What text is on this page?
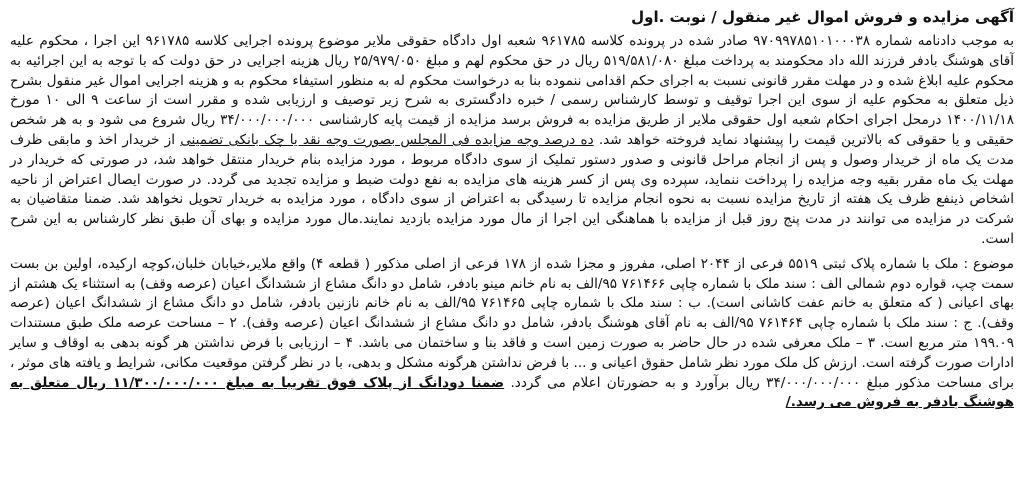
آگهی مزایده و فروش اموال غیر منقول / نوبت .اول

به موجب دادنامه شماره ۹۷۰۹۹۷۸۵۱۰۱۰۰۰۳۸ صادر شده در پرونده کلاسه ۹۶۱۷۸۵ شعبه اول دادگاه حقوقی ملایر موضوع پرونده اجرایی کلاسه ۹۶۱۷۸۵ این اجرا ، محکوم علیه آقای هوشنگ بادفر فرزند الله داد محکومند به پرداخت مبلغ ۵۱۹/۵۸۱/۰۸۰ ریال در حق محکوم لهم و مبلغ ۲۵/۹۷۹/۰۵۰ ریال هزینه اجرایی در حق دولت که با توجه به این اجرائیه به محکوم علیه ابلاغ شده و در مهلت مقرر قانونی نسبت به اجرای حکم اقدامی ننموده بنا به درخواست محکوم له به منظور استیفاء محکوم به و هزینه اجرایی اموال غیر منقول بشرح ذیل متعلق به محکوم علیه از سوی این اجرا توقیف و توسط کارشناس رسمی / خبره دادگستری به شرح زیر توصیف و ارزیابی شده و مقرر است از ساعت ۹ الی ۱۰ مورخ ۱۴۰۰/۱۱/۱۸ درمحل اجرای احکام شعبه اول حقوقی ملایر از طریق مزایده به فروش برسد مزایده از قیمت پایه کارشناسی ۳۴/۰۰۰/۰۰۰/۰۰۰ ریال شروع می شود و به هر شخص حقیقی و یا حقوقی که بالاترین قیمت را پیشنهاد نماید فروخته خواهد شد. ده درصد وجه مزایده فی المجلس بصورت وجه نقد یا چک بانکی تضمینی از خریدار اخذ و مابقی ظرف مدت یک ماه از خریدار وصول و پس از انجام مراحل قانونی و صدور دستور تملیک از سوی دادگاه مربوط ، مورد مزایده بنام خریدار منتقل خواهد شد، در صورتی که خریدار در مهلت یک ماه مقرر بقیه وجه مزایده را پرداخت ننماید، سپرده وی پس از کسر هزینه های مزایده به نفع دولت ضبط و مزایده تجدید می گردد. در صورت ایصال اعتراض از ناحیه اشخاص ذینفع ظرف یک هفته از تاریخ مزایده نسبت به نحوه انجام مزایده تا رسیدگی به اعتراض از سوی دادگاه ، مورد مزایده به خریدار تحویل نخواهد شد. ضمنا متقاضیان به شرکت در مزایده می توانند در مدت پنج روز قبل از مزایده با هماهنگی این اجرا از مال مورد مزایده بازدید نمایند.مال مورد مزایده و بهای آن طبق نظر کارشناس به این شرح است.

موضوع : ملک با شماره پلاک ثبتی ۵۵۱۹ فرعی از ۲۰۴۴ اصلی، مفروز و مجزا شده از ۱۷۸ فرعی از اصلی مذکور ( قطعه ۴) واقع ملایر،خیابان خلبان،کوچه ارکیده، اولین بن بست سمت چپ، قواره دوم شمالی الف : سند ملک با شماره چاپی ۷۶۱۴۶۶ ۹۵/الف به نام خانم مینو بادفر، شامل دو دانگ مشاع از ششدانگ اعیان (عرصه وقف) به استثناء یک هشتم از بهای اعیانی ( که متعلق به خانم عفت کاشانی است). ب : سند ملک با شماره چاپی ۷۶۱۴۶۵ ۹۵/الف به نام خانم نازنین بادفر، شامل دو دانگ مشاع از ششدانگ اعیان (عرصه وقف). ج : سند ملک با شماره چاپی ۷۶۱۴۶۴ ۹۵/الف به نام آقای هوشنگ بادفر، شامل دو دانگ مشاع از ششدانگ اعیان (عرصه وقف). ۲ – مساحت عرصه ملک طبق مستندات ۱۹۹.۰۹ متر مربع است. ۳ – ملک معرفی شده در حال حاضر به صورت زمین است و فاقد بنا و ساختمان می باشد. ۴ – ارزیابی با فرض نداشتن هر گونه بدهی به اوقاف و سایر ادارات صورت گرفته است. ارزش کل ملک مورد نظر شامل حقوق اعیانی و ... با فرض نداشتن هرگونه مشکل و بدهی، با در نظر گرفتن موقعیت مکانی، شرایط و یافته های موثر ، برای مساحت مذکور مبلغ ۳۴/۰۰۰/۰۰۰/۰۰۰ ریال برآورد و به حضورتان اعلام می گردد. ضمنا دودانگ از پلاک فوق تقریبا به مبلغ ۱۱/۳۰۰/۰۰۰/۰۰۰ ریال متعلق به هوشنگ بادفر به فروش می رسد./
